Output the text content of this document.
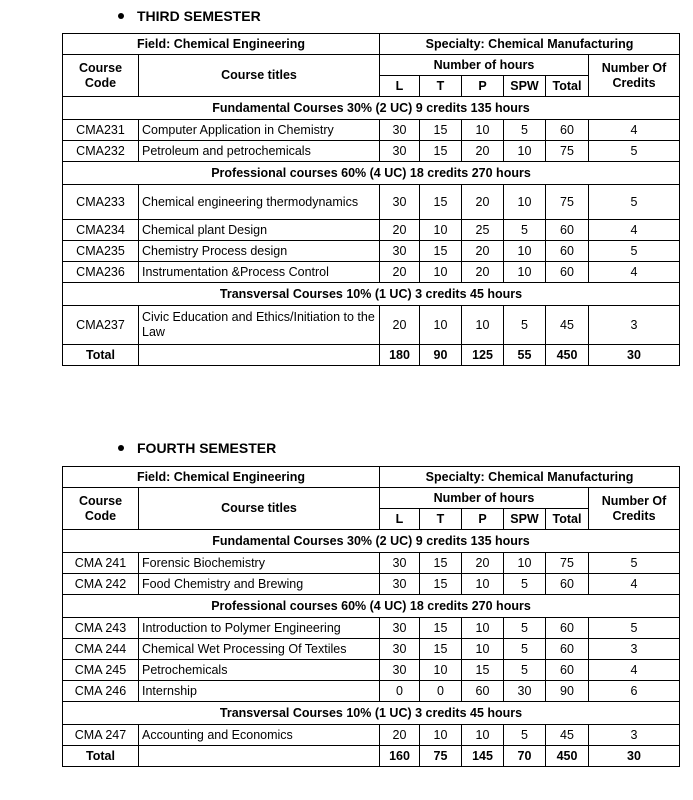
THIRD SEMESTER
Field: Chemical Engineering		Specialty: Chemical Manufacturing					
Course Code	Course titles	Number of hours					Number Of Credits
		L	T	P	SPW	Total	
Fundamental Courses 30% (2 UC) 9 credits 135 hours							
CMA231	Computer Application in Chemistry	30	15	10	5	60	4
CMA232	Petroleum and petrochemicals	30	15	20	10	75	5
Professional courses 60% (4 UC) 18 credits 270 hours							
CMA233	Chemical engineering thermodynamics	30	15	20	10	75	5
CMA234	Chemical plant Design	20	10	25	5	60	4
CMA235	Chemistry Process design	30	15	20	10	60	5
CMA236	Instrumentation &Process Control	20	10	20	10	60	4
Transversal Courses 10% (1 UC) 3 credits 45 hours							
CMA237	Civic Education and Ethics/Initiation to the Law	20	10	10	5	45	3
Total		180	90	125	55	450	30
FOURTH SEMESTER
Field: Chemical Engineering		Specialty: Chemical Manufacturing					
Course Code	Course titles	Number of hours					Number Of Credits
		L	T	P	SPW	Total	
Fundamental Courses 30% (2 UC) 9 credits 135 hours							
CMA 241	Forensic Biochemistry	30	15	20	10	75	5
CMA 242	Food Chemistry and Brewing	30	15	10	5	60	4
Professional courses 60% (4 UC) 18 credits 270 hours							
CMA 243	Introduction to Polymer Engineering	30	15	10	5	60	5
CMA 244	Chemical Wet Processing Of Textiles	30	15	10	5	60	3
CMA 245	Petrochemicals	30	10	15	5	60	4
CMA 246	Internship	0	0	60	30	90	6
Transversal Courses 10% (1 UC) 3 credits 45 hours							
CMA 247	Accounting and Economics	20	10	10	5	45	3
Total		160	75	145	70	450	30
